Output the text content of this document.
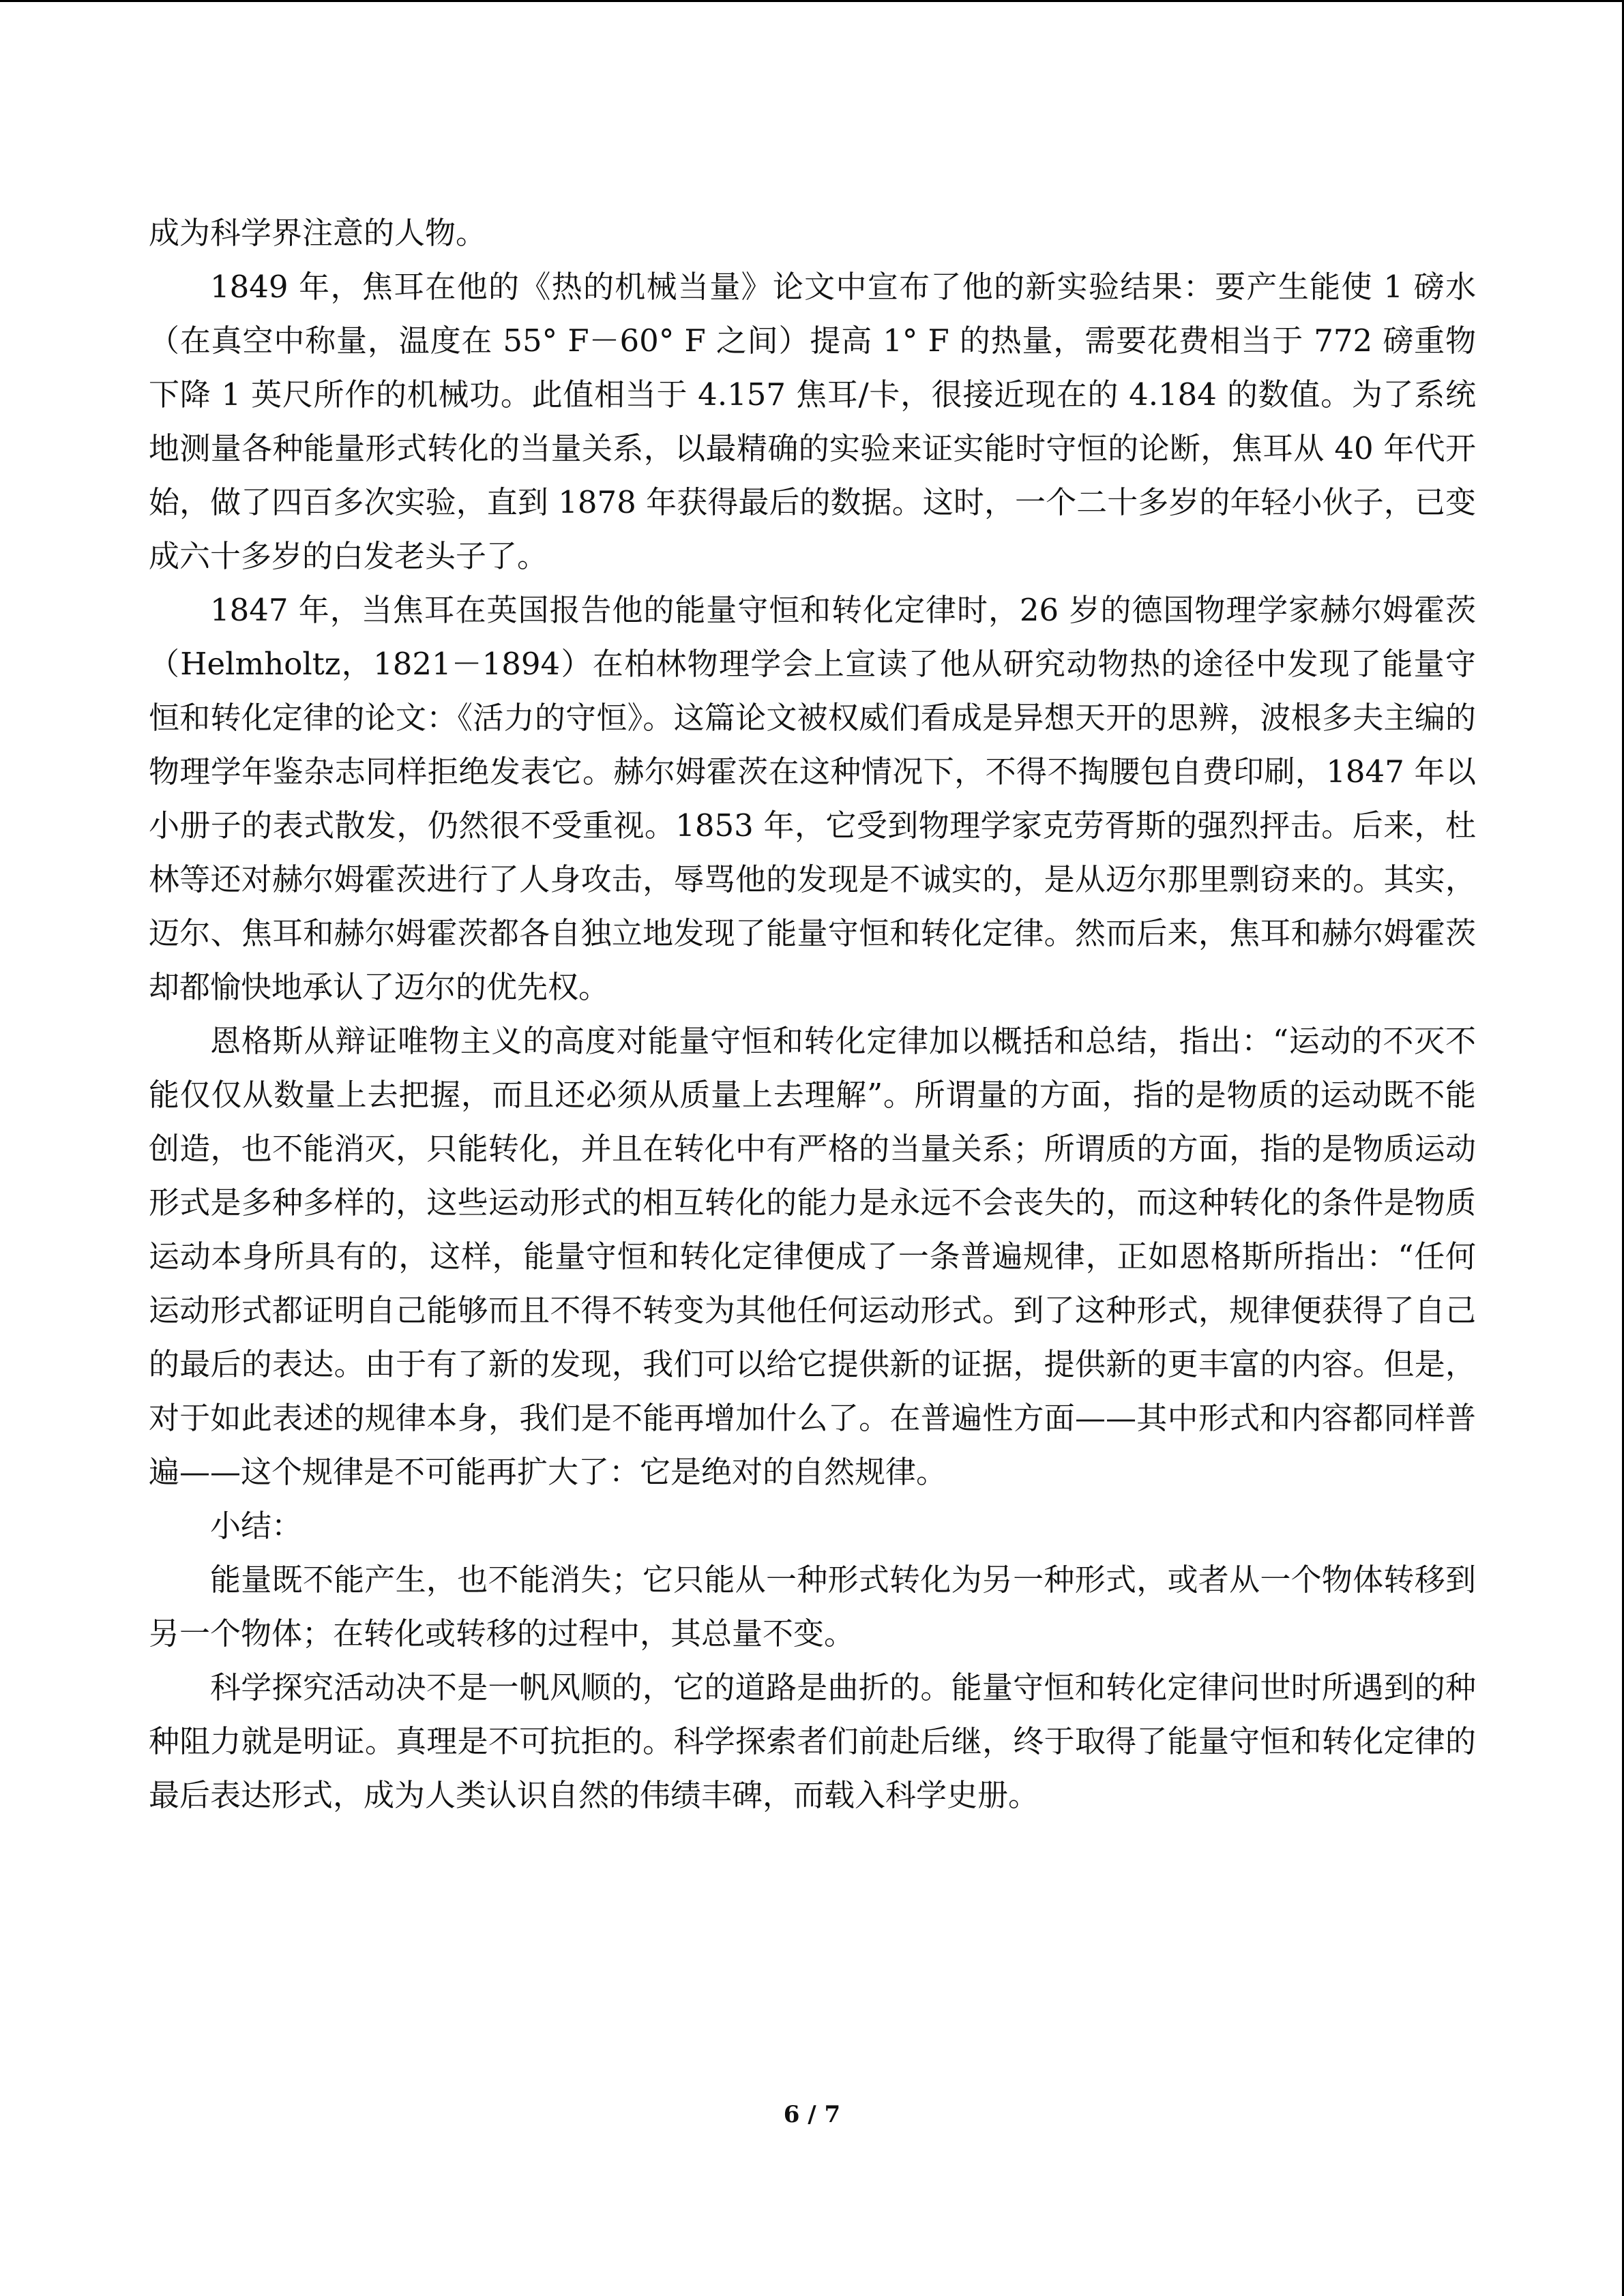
成为科学界注意的人物。

1849 年，焦耳在他的《热的机械当量》论文中宣布了他的新实验结果：要产生能使 1 磅水（在真空中称量，温度在 55° F－60° F 之间）提高 1° F 的热量，需要花费相当于 772 磅重物下降 1 英尺所作的机械功。此值相当于 4.157 焦耳/卡，很接近现在的 4.184 的数值。为了系统地测量各种能量形式转化的当量关系，以最精确的实验来证实能时守恒的论断，焦耳从 40 年代开始，做了四百多次实验，直到 1878 年获得最后的数据。这时，一个二十多岁的年轻小伙子，已变成六十多岁的白发老头子了。

1847 年，当焦耳在英国报告他的能量守恒和转化定律时，26 岁的德国物理学家赫尔姆霍茨（Helmholtz，1821－1894）在柏林物理学会上宣读了他从研究动物热的途径中发现了能量守恒和转化定律的论文：《活力的守恒》。这篇论文被权威们看成是异想天开的思辨，波根多夫主编的物理学年鉴杂志同样拒绝发表它。赫尔姆霍茨在这种情况下，不得不掏腰包自费印刷，1847 年以小册子的表式散发，仍然很不受重视。1853 年，它受到物理学家克劳胥斯的强烈抨击。后来，杜林等还对赫尔姆霍茨进行了人身攻击，辱骂他的发现是不诚实的，是从迈尔那里剽窃来的。其实，迈尔、焦耳和赫尔姆霍茨都各自独立地发现了能量守恒和转化定律。然而后来，焦耳和赫尔姆霍茨却都愉快地承认了迈尔的优先权。

恩格斯从辩证唯物主义的高度对能量守恒和转化定律加以概括和总结，指出：“运动的不灭不能仅仅从数量上去把握，而且还必须从质量上去理解”。所谓量的方面，指的是物质的运动既不能创造，也不能消灭，只能转化，并且在转化中有严格的当量关系；所谓质的方面，指的是物质运动形式是多种多样的，这些运动形式的相互转化的能力是永远不会丧失的，而这种转化的条件是物质运动本身所具有的，这样，能量守恒和转化定律便成了一条普遍规律，正如恩格斯所指出：“任何运动形式都证明自己能够而且不得不转变为其他任何运动形式。到了这种形式，规律便获得了自己的最后的表达。由于有了新的发现，我们可以给它提供新的证据，提供新的更丰富的内容。但是，对于如此表述的规律本身，我们是不能再增加什么了。在普遍性方面——其中形式和内容都同样普遍——这个规律是不可能再扩大了：它是绝对的自然规律。

小结：

能量既不能产生，也不能消失；它只能从一种形式转化为另一种形式，或者从一个物体转移到另一个物体；在转化或转移的过程中，其总量不变。

科学探究活动决不是一帆风顺的，它的道路是曲折的。能量守恒和转化定律问世时所遇到的种种阻力就是明证。真理是不可抗拒的。科学探索者们前赴后继，终于取得了能量守恒和转化定律的最后表达形式，成为人类认识自然的伟绩丰碑，而载入科学史册。

6 / 7
